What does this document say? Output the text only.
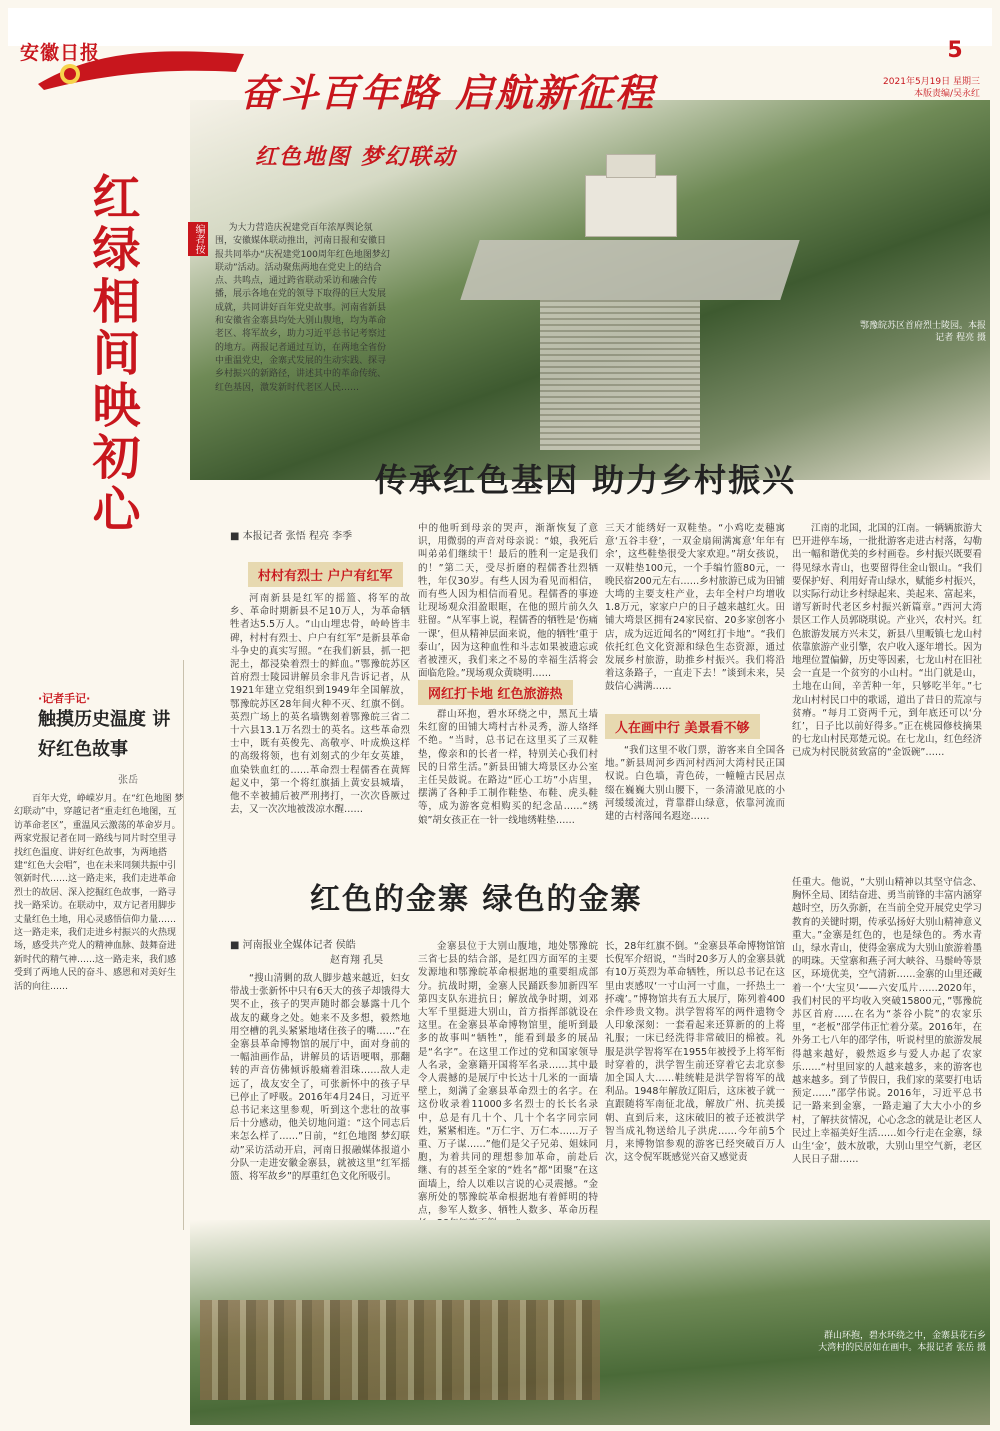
安徽日报	5
2021年5月19日 星期三
本版责编/吴永红
鄂豫皖苏区首府烈士陵园。本报记者 程亮 摄
奋斗百年路 启航新征程
红色地图 梦幻联动
红绿相间映初心	编者按	为大力营造庆祝建党百年浓厚舆论氛围，安徽媒体联动推出，河南日报和安徽日报共同举办“庆祝建党100周年红色地图梦幻联动”活动。活动聚焦两地在党史上的结合点、共鸣点，通过跨省联动采访和融合传播，展示各地在党的领导下取得的巨大发展成就，共同讲好百年党史故事。河南省新县和安徽省金寨县均处大别山腹地，均为革命老区、将军故乡，助力习近平总书记考察过的地方。两报记者通过互访，在两地全省份中重温党史，金寨式发展的生动实践、探寻乡村振兴的新路径，讲述其中的革命传统、红色基因，激发新时代老区人民……
传承红色基因 助力乡村振兴
■ 本报记者 张悟 程亮 李季
村村有烈士 户户有红军

河南新县是红军的摇篮、将军的故乡、革命时期新县不足10万人，为革命牺牲者达5.5万人。“山山埋忠骨，岭岭皆丰碑，村村有烈士、户户有红军”是新县革命斗争史的真实写照。“在我们新县，抓一把泥土，都浸染着烈士的鲜血。”鄂豫皖苏区首府烈士陵园讲解员余非凡告诉记者，从1921年建立党组织到1949年全国解放，鄂豫皖苏区28年间火种不灭、红旗不倒。英烈广场上的英名墙镌刻着鄂豫皖三省二十六县13.1万名烈士的英名。这些革命烈士中，既有英俊先、高敬亭、叶成焕这样的高级将领，也有刘刻式的少年女英雄，血染铁血红的……革命烈士程儒香在黄辉起义中，第一个将红旗插上黄安县城墙，他不幸被捕后被严刑拷打，一次次昏厥过去，又一次次地被泼凉水醒……

中的他听到母亲的哭声，渐渐恢复了意识，用微弱的声音对母亲说：“娘，我死后叫弟弟们继续干！最后的胜利一定是我们的！”第二天，受尽折磨的程儒香壮烈牺牲，年仅30岁。有些人因为看见而相信，而有些人因为相信而看见。程儒香的事迹让现场观众泪盈眼眶，在他的照片前久久驻留。“从军事上说，程儒香的牺牲是‘伤痛一课’，但从精神层面来说，他的牺牲‘重于泰山’，因为这种血性和斗志如果被遗忘或者被湮灭，我们来之不易的幸福生活将会面临危险。”现场观众黄晓明……

网红打卡地 红色旅游热

群山环抱，碧水环绕之中，黑瓦土墙朱红窗的田铺大塆村古朴灵秀，游人络绎不绝。“当时，总书记在这里买了三双鞋垫，像亲和的长者一样，特别关心我们村民的日常生活。”新县田铺大塆景区办公室主任吴鼓说。在路边“匠心工坊”小店里，摆满了各种手工制作鞋垫、布鞋、虎头鞋等，成为游客竞相购买的纪念品……“绣娘”胡女孩正在一针一线地绣鞋垫……

三天才能绣好一双鞋垫。“小鸡吃麦穗寓意‘五谷丰登’，一双金扇闹满寓意‘年年有余’，这些鞋垫很受大家欢迎。”胡女孩说，一双鞋垫100元，一个手编竹篮80元，一晚民宿200元左右……乡村旅游已成为田铺大塆的主要支柱产业，去年全村户均增收1.8万元，家家户户的日子越来越红火。田铺大塆景区拥有24家民宿、20多家创客小店，成为远近闻名的“网红打卡地”。“我们依托红色文化资源和绿色生态资源，通过发展乡村旅游，助推乡村振兴。我们将沿着这条路子，一直走下去！”谈到未来，吴鼓信心满满……

人在画中行 美景看不够

“我们这里不收门票，游客来自全国各地。”新县周河乡西河村西河大湾村民正国权说。白色墙，青色砖，一幢幢古民居点缀在巍巍大别山腰下，一条清澈见底的小河缓缓流过，背靠群山绿意，依靠河流而建的古村落闻名遐迩……

江南的北国，北国的江南。一辆辆旅游大巴开进停车场，一批批游客走进古村落，勾勒出一幅和谐优美的乡村画卷。乡村振兴既要看得见绿水青山，也要留得住金山银山。“我们要保护好、利用好青山绿水，赋能乡村振兴，以实际行动让乡村绿起来、美起来、富起来，谱写新时代老区乡村振兴新篇章。”西河大湾景区工作人员郭晓琪说。产业兴，农村兴。红色旅游发展方兴未艾，新县八里畈镇七龙山村依靠旅游产业引擎，农户收入逐年增长。因为地理位置偏僻，历史等因素，七龙山村在旧社会一直是一个贫穷的小山村。“出门就是山，土地在山间，辛苦种一年，只够吃半年。”七龙山村村民口中的歌谣，道出了昔日的荒凉与贫瘠。“每月工资两千元，到年底还可以‘分红’，日子比以前好得多。”正在桃园修枝摘果的七龙山村民郑楚元说。在七龙山，红色经济已成为村民脱贫致富的“金饭碗”……

·记者手记·
触摸历史温度 讲好红色故事
张岳
百年大党，峥嵘岁月。在“红色地图 梦幻联动”中，穿越记者“重走红色地图，互访革命老区”，重温风云激荡的革命岁月。两家党报记者在同一路线与同片时空里寻找红色温度、讲好红色故事，为两地搭建“红色大会唱”，也在未来同频共振中引领新时代……这一路走来，我们走进革命烈士的故居、深入挖掘红色故事，一路寻找一路采访。在联动中，双方记者用脚步丈量红色土地，用心灵感悟信仰力量……这一路走来，我们走进乡村振兴的火热现场，感受共产党人的精神血脉、鼓舞奋进新时代的精气神……这一路走来，我们感受到了两地人民的奋斗、感恩和对美好生活的向往……
红色的金寨 绿色的金寨
■ 河南报业全媒体记者 侯皓
赵育翔 孔昊

“搜山清剿的敌人脚步越来越近，妇女带战士张新怀中只有6天大的孩子却饿得大哭不止，孩子的哭声随时都会暴露十几个战友的藏身之处。她来不及多想，毅然地用空槽的乳头紧紧地堵住孩子的嘴……”在金寨县革命博物馆的展厅中，面对身前的一幅油画作品，讲解员的话语哽咽，那翻转的声音仿佛倾诉般痛着泪珠……敌人走远了，战友安全了，可张新怀中的孩子早已停止了呼吸。2016年4月24日，习近平总书记来这里参观，听到这个悲壮的故事后十分感动，他关切地问道：“这个同志后来怎么样了……”日前，“红色地图 梦幻联动”采访活动开启，河南日报融媒体报道小分队一走进安徽金寨县，就被这里“红军摇篮、将军故乡”的厚重红色文化所吸引。

金寨县位于大别山腹地，地处鄂豫皖三省七县的结合部，是红四方面军的主要发源地和鄂豫皖革命根据地的重要组成部分。抗战时期，金寨人民踊跃参加新四军第四支队东进抗日；解放战争时期，刘邓大军千里挺进大别山，首方指挥部就设在这里。在金寨县革命博物馆里，能听到最多的故事叫“牺牲”，能看到最多的展品是“名字”。在这里工作过的党和国家领导人名录，金寨籍开国将军名录……其中最令人震撼的是展厅中长达十几米的一面墙壁上，刻满了金寨县革命烈士的名字。在这份收录着11000多名烈士的长长名录中，总是有几十个、几十个名字同宗同姓，紧紧相连。“万仁宇、万仁本……万子重、万子谋……”他们是父子兄弟、姐妹同胞，为着共同的理想参加革命，前赴后继、有的甚至全家的“姓名”都“团聚”在这面墙上，给人以难以言说的心灵震撼。“金寨所处的鄂豫皖革命根据地有着鲜明的特点，参军人数多、牺牲人数多、革命历程

长，28年红旗不倒。“金寨县革命博物馆馆长倪军介绍说，“当时20多万人的金寨县就有10万英烈为革命牺牲，所以总书记在这里由衷感叹‘一寸山河一寸血，一抔热土一抔魂’。”博物馆共有五大展厅，陈列着400余件珍贵文物。洪学智将军的两件遗物令人印象深刻：一套看起来还算新的的上将礼服；一床已经洗得非常破旧的棉被。礼服是洪学智将军在1955年被授予上将军衔时穿着的，洪学智生前还穿着它去北京参加全国人大……鞋统鞋是洪学智将军的战利品。1948年解放辽阳后，这床被子就一直跟随将军南征北战，解放广州、抗美援朝、直到后来，这床破旧的被子还被洪学智当成礼物送给儿子洪虎……今年前5个月，来博物馆参观的游客已经突破百万人次，这令倪军既感觉兴奋又感觉责

任重大。他说，“大别山精神以其坚守信念、胸怀全局、团结奋进、勇当前锋的丰富内涵穿越时空，历久弥新，在当前全党开展党史学习教育的关键时期，传承弘扬好大别山精神意义重大。”金寨是红色的，也是绿色的。秀水青山，绿水青山，使得金寨成为大别山旅游着墨的明珠。天堂寨和燕子河大峡谷、马鬃岭等景区，环境优美，空气清新……金寨的山里还藏着一个‘大宝贝’——六安瓜片……2020年，我们村民的平均收入突破15800元，”鄂豫皖苏区首府……在名为“茶谷小院”的农家乐里，“老板”邵学伟正忙着分菜。2016年，在外务工七八年的邵学伟，听说村里的旅游发展得越来越好，毅然返乡与爱人办起了农家乐……“村里回家的人越来越多，来的游客也越来越多。到了节假日，我们家的菜要打电话预定……”邵学伟说。2016年，习近平总书记一路来到金寨，一路走遍了大大小小的乡村，了解扶贫情况，心心念念的就是让老区人民过上幸福美好生活……如今行走在金寨，绿山生‘金’，鼓木放歌，大别山里空气新，老区人民日子甜……

群山环抱，碧水环绕之中，金寨县花石乡大湾村的民居如在画中。本报记者 张岳 摄
